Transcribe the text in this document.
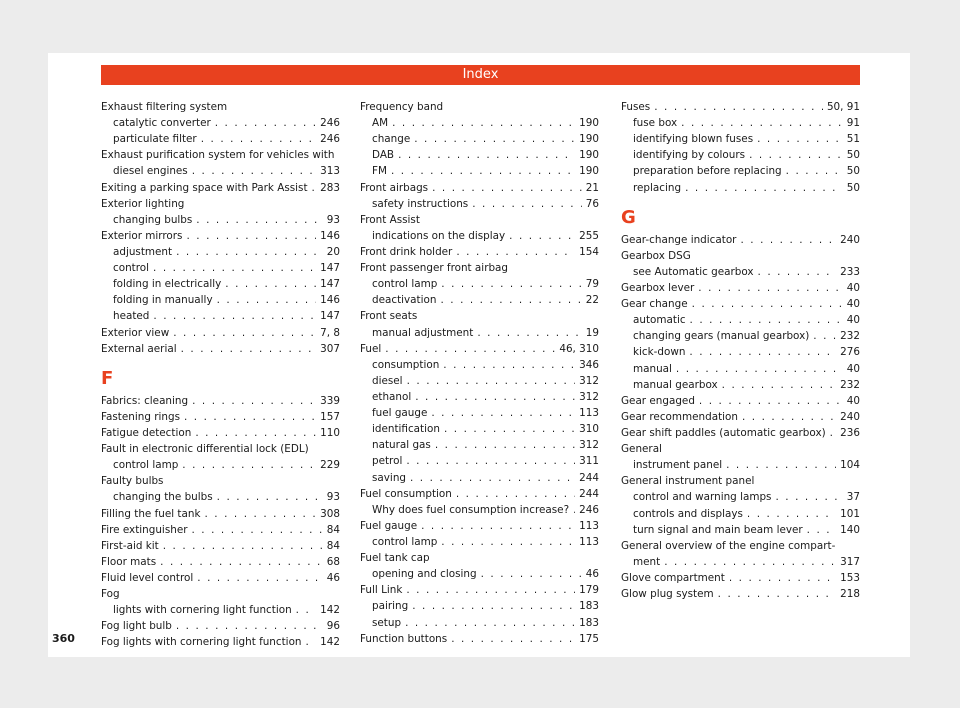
Index
Exhaust filtering system
catalytic converter . . .	246
particulate filter . . .	246
Exhaust purification system for vehicles with
diesel engines . . .	313
Exiting a parking space with Park Assist . . . 283
Exterior lighting
changing bulbs . . .	93
Exterior mirrors . . .	146
adjustment . . .	20
control . . .	147
folding in electrically . . .	147
folding in manually . . .	146
heated . . .	147
Exterior view . . .	7, 8
External aerial . . .	307
F
Fabrics: cleaning . . .	339
Fastening rings . . .	157
Fatigue detection . . .	110
Fault in electronic differential lock (EDL)
control lamp . . .	229
Faulty bulbs
changing the bulbs . . .	93
Filling the fuel tank . . .	308
Fire extinguisher . . .	84
First-aid kit . . .	84
Floor mats . . .	68
Fluid level control . . .	46
Fog
lights with cornering light function . . .	142
Fog light bulb . . .	96
Fog lights with cornering light function . . . 142
Frequency band
AM . . .	190
change . . .	190
DAB . . .	190
FM . . .	190
Front airbags . . .	21
safety instructions . . .	76
Front Assist
indications on the display . . .	255
Front drink holder . . .	154
Front passenger front airbag
control lamp . . .	79
deactivation . . .	22
Front seats
manual adjustment . . .	19
Fuel . . .	46, 310
consumption . . .	346
diesel . . .	312
ethanol . . .	312
fuel gauge . . .	113
identification . . .	310
natural gas . . .	312
petrol . . .	311
saving . . .	244
Fuel consumption . . .	244
Why does fuel consumption increase? . . . 246
Fuel gauge . . .	113
control lamp . . .	113
Fuel tank cap
opening and closing . . .	46
Full Link . . .	179
pairing . . .	183
setup . . .	183
Function buttons . . .	175
Fuses . . .	50, 91
fuse box . . .	91
identifying blown fuses . . .	51
identifying by colours . . .	50
preparation before replacing . . .	50
replacing . . .	50
G
Gear-change indicator . . .	240
Gearbox DSG
see Automatic gearbox . . .	233
Gearbox lever . . .	40
Gear change . . .	40
automatic . . .	40
changing gears (manual gearbox) . . .	232
kick-down . . .	276
manual . . .	40
manual gearbox . . .	232
Gear engaged . . .	40
Gear recommendation . . .	240
Gear shift paddles (automatic gearbox) . . . 236
General
instrument panel . . .	104
General instrument panel
control and warning lamps . . .	37
controls and displays . . .	101
turn signal and main beam lever . . .	140
General overview of the engine compart-
ment . . .	317
Glove compartment . . .	153
Glow plug system . . .	218
360
